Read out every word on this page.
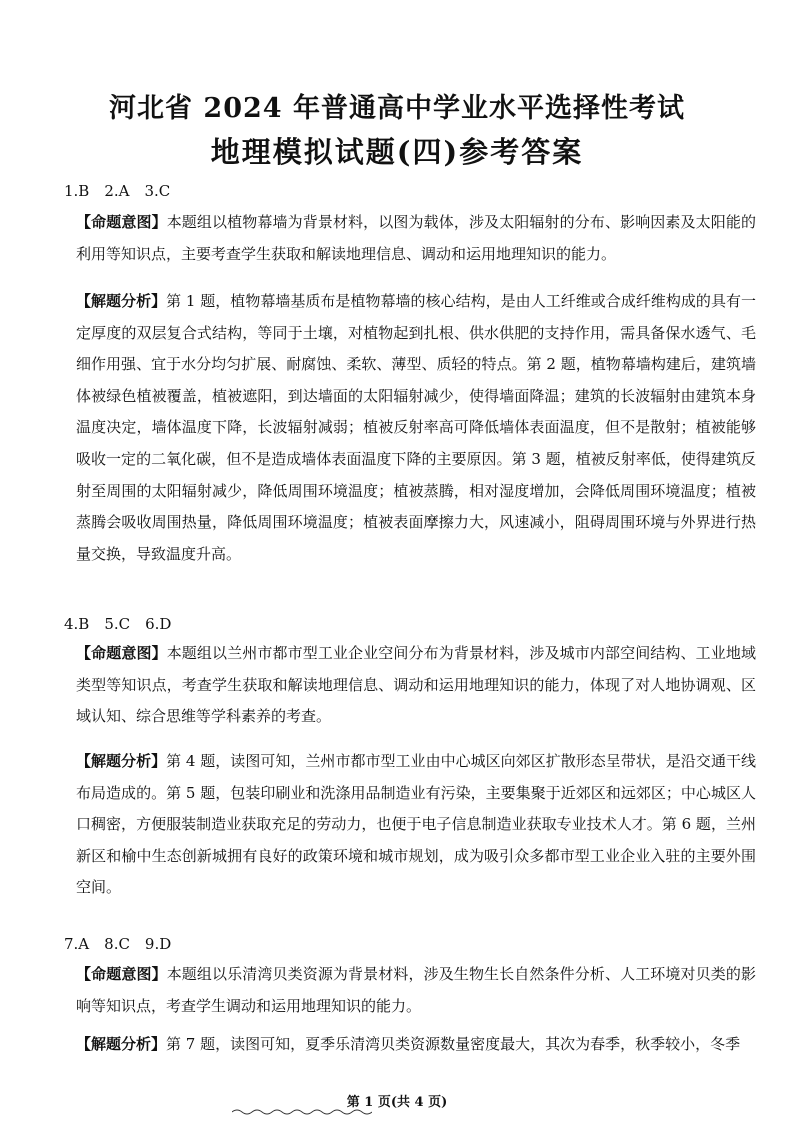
河北省 2024 年普通高中学业水平选择性考试
地理模拟试题(四)参考答案
1.B　2.A　3.C
【命题意图】本题组以植物幕墙为背景材料，以图为载体，涉及太阳辐射的分布、影响因素及太阳能的利用等知识点，主要考查学生获取和解读地理信息、调动和运用地理知识的能力。
【解题分析】第 1 题，植物幕墙基质布是植物幕墙的核心结构，是由人工纤维或合成纤维构成的具有一定厚度的双层复合式结构，等同于土壤，对植物起到扎根、供水供肥的支持作用，需具备保水透气、毛细作用强、宜于水分均匀扩展、耐腐蚀、柔软、薄型、质轻的特点。第 2 题，植物幕墙构建后，建筑墙体被绿色植被覆盖，植被遮阳，到达墙面的太阳辐射减少，使得墙面降温；建筑的长波辐射由建筑本身温度决定，墙体温度下降，长波辐射减弱；植被反射率高可降低墙体表面温度，但不是散射；植被能够吸收一定的二氧化碳，但不是造成墙体表面温度下降的主要原因。第 3 题，植被反射率低，使得建筑反射至周围的太阳辐射减少，降低周围环境温度；植被蒸腾，相对湿度增加，会降低周围环境温度；植被蒸腾会吸收周围热量，降低周围环境温度；植被表面摩擦力大，风速减小，阻碍周围环境与外界进行热量交换，导致温度升高。
4.B　5.C　6.D
【命题意图】本题组以兰州市都市型工业企业空间分布为背景材料，涉及城市内部空间结构、工业地域类型等知识点，考查学生获取和解读地理信息、调动和运用地理知识的能力，体现了对人地协调观、区域认知、综合思维等学科素养的考查。
【解题分析】第 4 题，读图可知，兰州市都市型工业由中心城区向郊区扩散形态呈带状，是沿交通干线布局造成的。第 5 题，包装印刷业和洗涤用品制造业有污染，主要集聚于近郊区和远郊区；中心城区人口稠密，方便服装制造业获取充足的劳动力，也便于电子信息制造业获取专业技术人才。第 6 题，兰州新区和榆中生态创新城拥有良好的政策环境和城市规划，成为吸引众多都市型工业企业入驻的主要外围空间。
7.A　8.C　9.D
【命题意图】本题组以乐清湾贝类资源为背景材料，涉及生物生长自然条件分析、人工环境对贝类的影响等知识点，考查学生调动和运用地理知识的能力。
【解题分析】第 7 题，读图可知，夏季乐清湾贝类资源数量密度最大，其次为春季，秋季较小，冬季
第 1 页(共 4 页)
